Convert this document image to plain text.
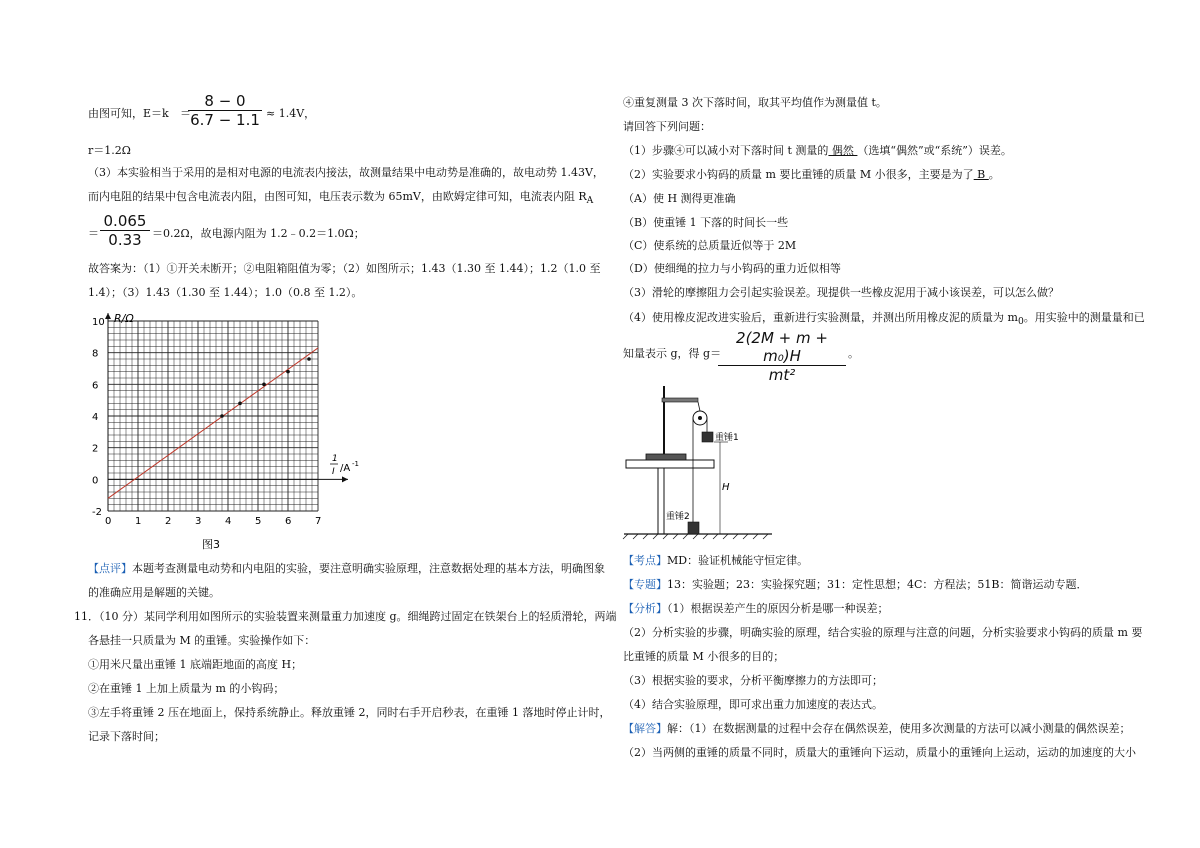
由图可知，E＝k ＝
8 − 0
6.7 − 1.1 ≈ 1.4V，
r＝1.2Ω
（3）本实验相当于采用的是相对电源的电流表内接法，故测量结果中电动势是准确的，故电动势 1.43V，
而内电阻的结果中包含电流表内阻，由图可知，电压表示数为 65mV，由欧姆定律可知，电流表内阻 $R_A$
＝
0.065
0.33 ＝0.2Ω，故电源内阻为 1.2﹣0.2＝1.0Ω；
故答案为：（1）①开关未断开；②电阻箱阻值为零；（2）如图所示；1.43（1.30 至 1.44）；1.2（1.0 至
1.4）；（3）1.43（1.30 至 1.44）；1.0（0.8 至 1.2）。
【点评】本题考查测量电动势和内电阻的实验，要注意明确实验原理，注意数据处理的基本方法，明确图象
的准确应用是解题的关键。
11．（10 分）某同学利用如图所示的实验装置来测量重力加速度 g。细绳跨过固定在铁架台上的轻质滑轮，两端
各悬挂一只质量为 M 的重锤。实验操作如下：
①用米尺量出重锤 1 底端距地面的高度 H；
②在重锤 1 上加上质量为 m 的小钩码；
③左手将重锤 2 压在地面上，保持系统静止。释放重锤 2，同时右手开启秒表，在重锤 1 落地时停止计时，
记录下落时间；
0 1 2 3 4 5 6 7
-2
0
2
4
6
8
10 R/Ω
1
I /A -1
图3
④重复测量 3 次下落时间，取其平均值作为测量值 t。
请回答下列问题：
（1）步骤④可以减小对下落时间 t 测量的 偶然 （选填“偶然”或“系统”）误差。
（2）实验要求小钩码的质量 m 要比重锤的质量 M 小很多，主要是为了 B 。
（A）使 H 测得更准确
（B）使重锤 1 下落的时间长一些
（C）使系统的总质量近似等于 2M
（D）使细绳的拉力与小钩码的重力近似相等
（3）滑轮的摩擦阻力会引起实验误差。现提供一些橡皮泥用于减小该误差，可以怎么做？
（4）使用橡皮泥改进实验后，重新进行实验测量，并测出所用橡皮泥的质量为 $m_0$。用实验中的测量量和已
知量表示 g，得 g＝
2(2M + m + m₀)H
mt²
。
【考点】MD：验证机械能守恒定律。
【专题】13：实验题；23：实验探究题；31：定性思想；4C：方程法；51B：简谐运动专题．
【分析】（1）根据误差产生的原因分析是哪一种误差；
（2）分析实验的步骤，明确实验的原理，结合实验的原理与注意的问题，分析实验要求小钩码的质量 m 要
比重锤的质量 M 小很多的目的；
（3）根据实验的要求，分析平衡摩擦力的方法即可；
（4）结合实验原理，即可求出重力加速度的表达式。
【解答】解：（1）在数据测量的过程中会存在偶然误差，使用多次测量的方法可以减小测量的偶然误差；
（2）当两侧的重锤的质量不同时，质量大的重锤向下运动，质量小的重锤向上运动，运动的加速度的大小
重锤1
H
重锤2
